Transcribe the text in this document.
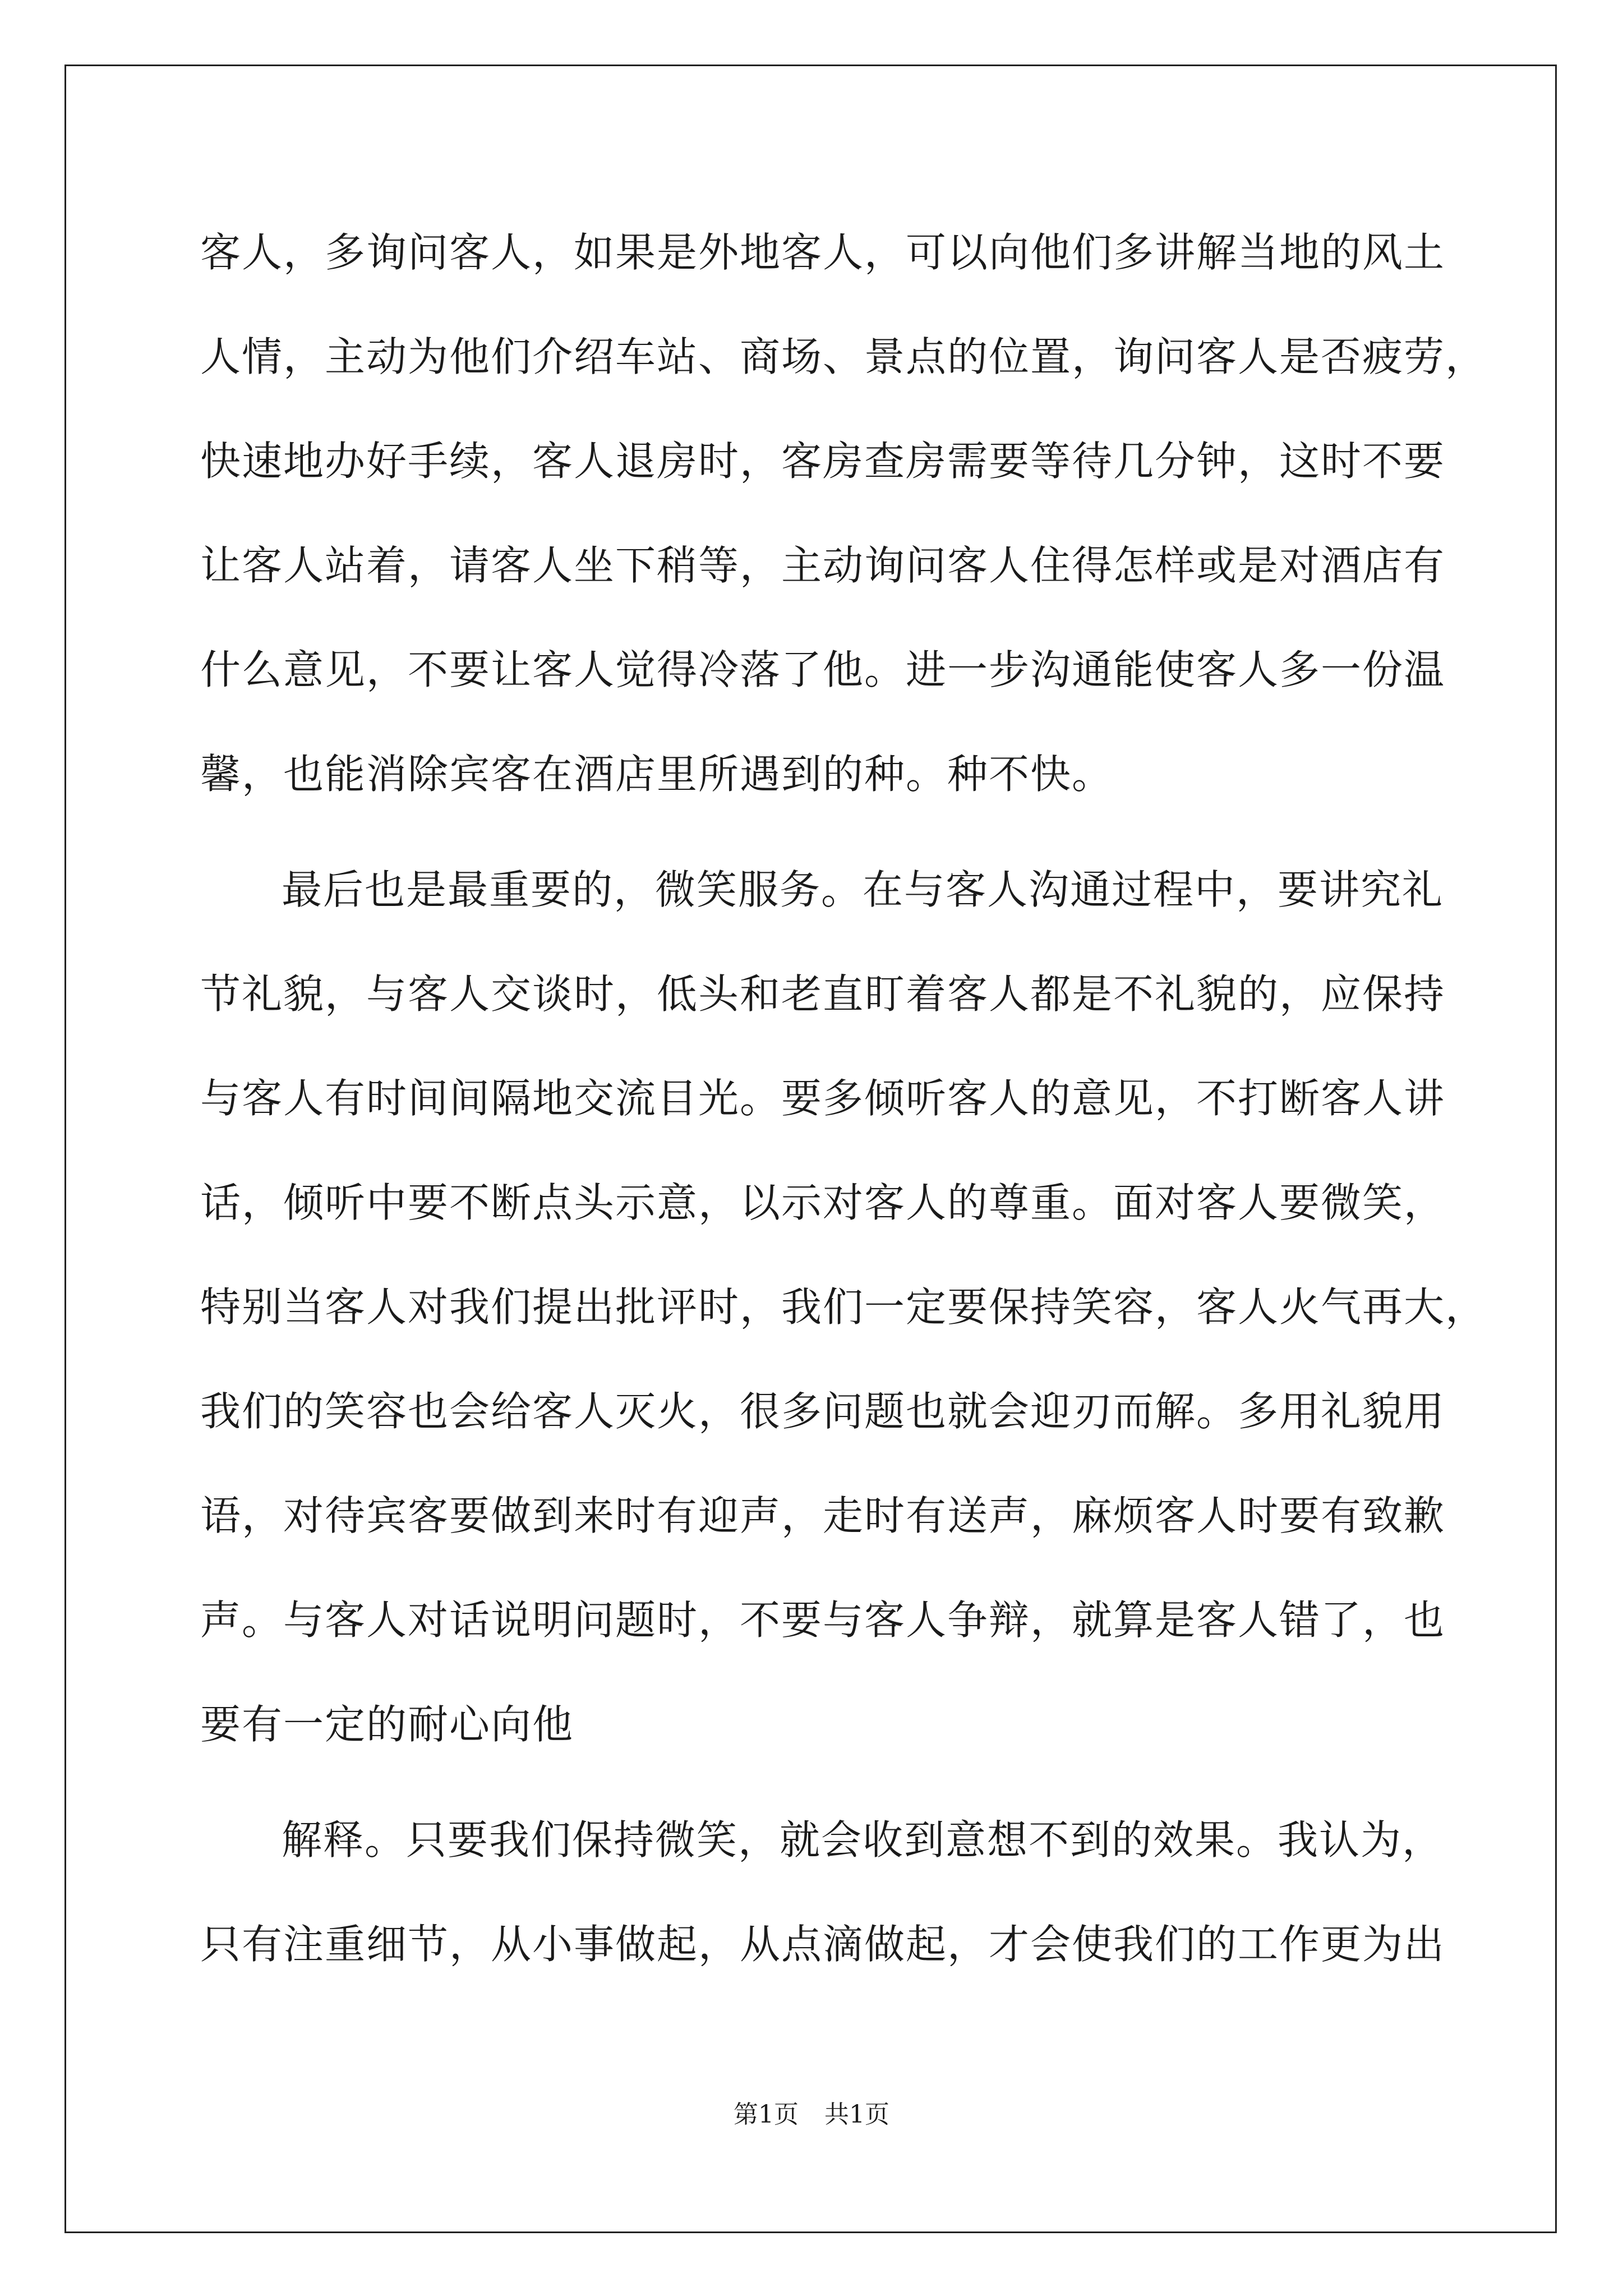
客人，多询问客人，如果是外地客人，可以向他们多讲解当地的风土
人情，主动为他们介绍车站、商场、景点的位置，询问客人是否疲劳，
快速地办好手续，客人退房时，客房查房需要等待几分钟，这时不要
让客人站着，请客人坐下稍等，主动询问客人住得怎样或是对酒店有
什么意见，不要让客人觉得冷落了他。进一步沟通能使客人多一份温
馨，也能消除宾客在酒店里所遇到的种。种不快。
最后也是最重要的，微笑服务。在与客人沟通过程中，要讲究礼
节礼貌，与客人交谈时，低头和老直盯着客人都是不礼貌的，应保持
与客人有时间间隔地交流目光。要多倾听客人的意见，不打断客人讲
话，倾听中要不断点头示意，以示对客人的尊重。面对客人要微笑，
特别当客人对我们提出批评时，我们一定要保持笑容，客人火气再大，
我们的笑容也会给客人灭火，很多问题也就会迎刃而解。多用礼貌用
语，对待宾客要做到来时有迎声，走时有送声，麻烦客人时要有致歉
声。与客人对话说明问题时，不要与客人争辩，就算是客人错了，也
要有一定的耐心向他
解释。只要我们保持微笑，就会收到意想不到的效果。我认为，
只有注重细节，从小事做起，从点滴做起，才会使我们的工作更为出
第1页 共1页
